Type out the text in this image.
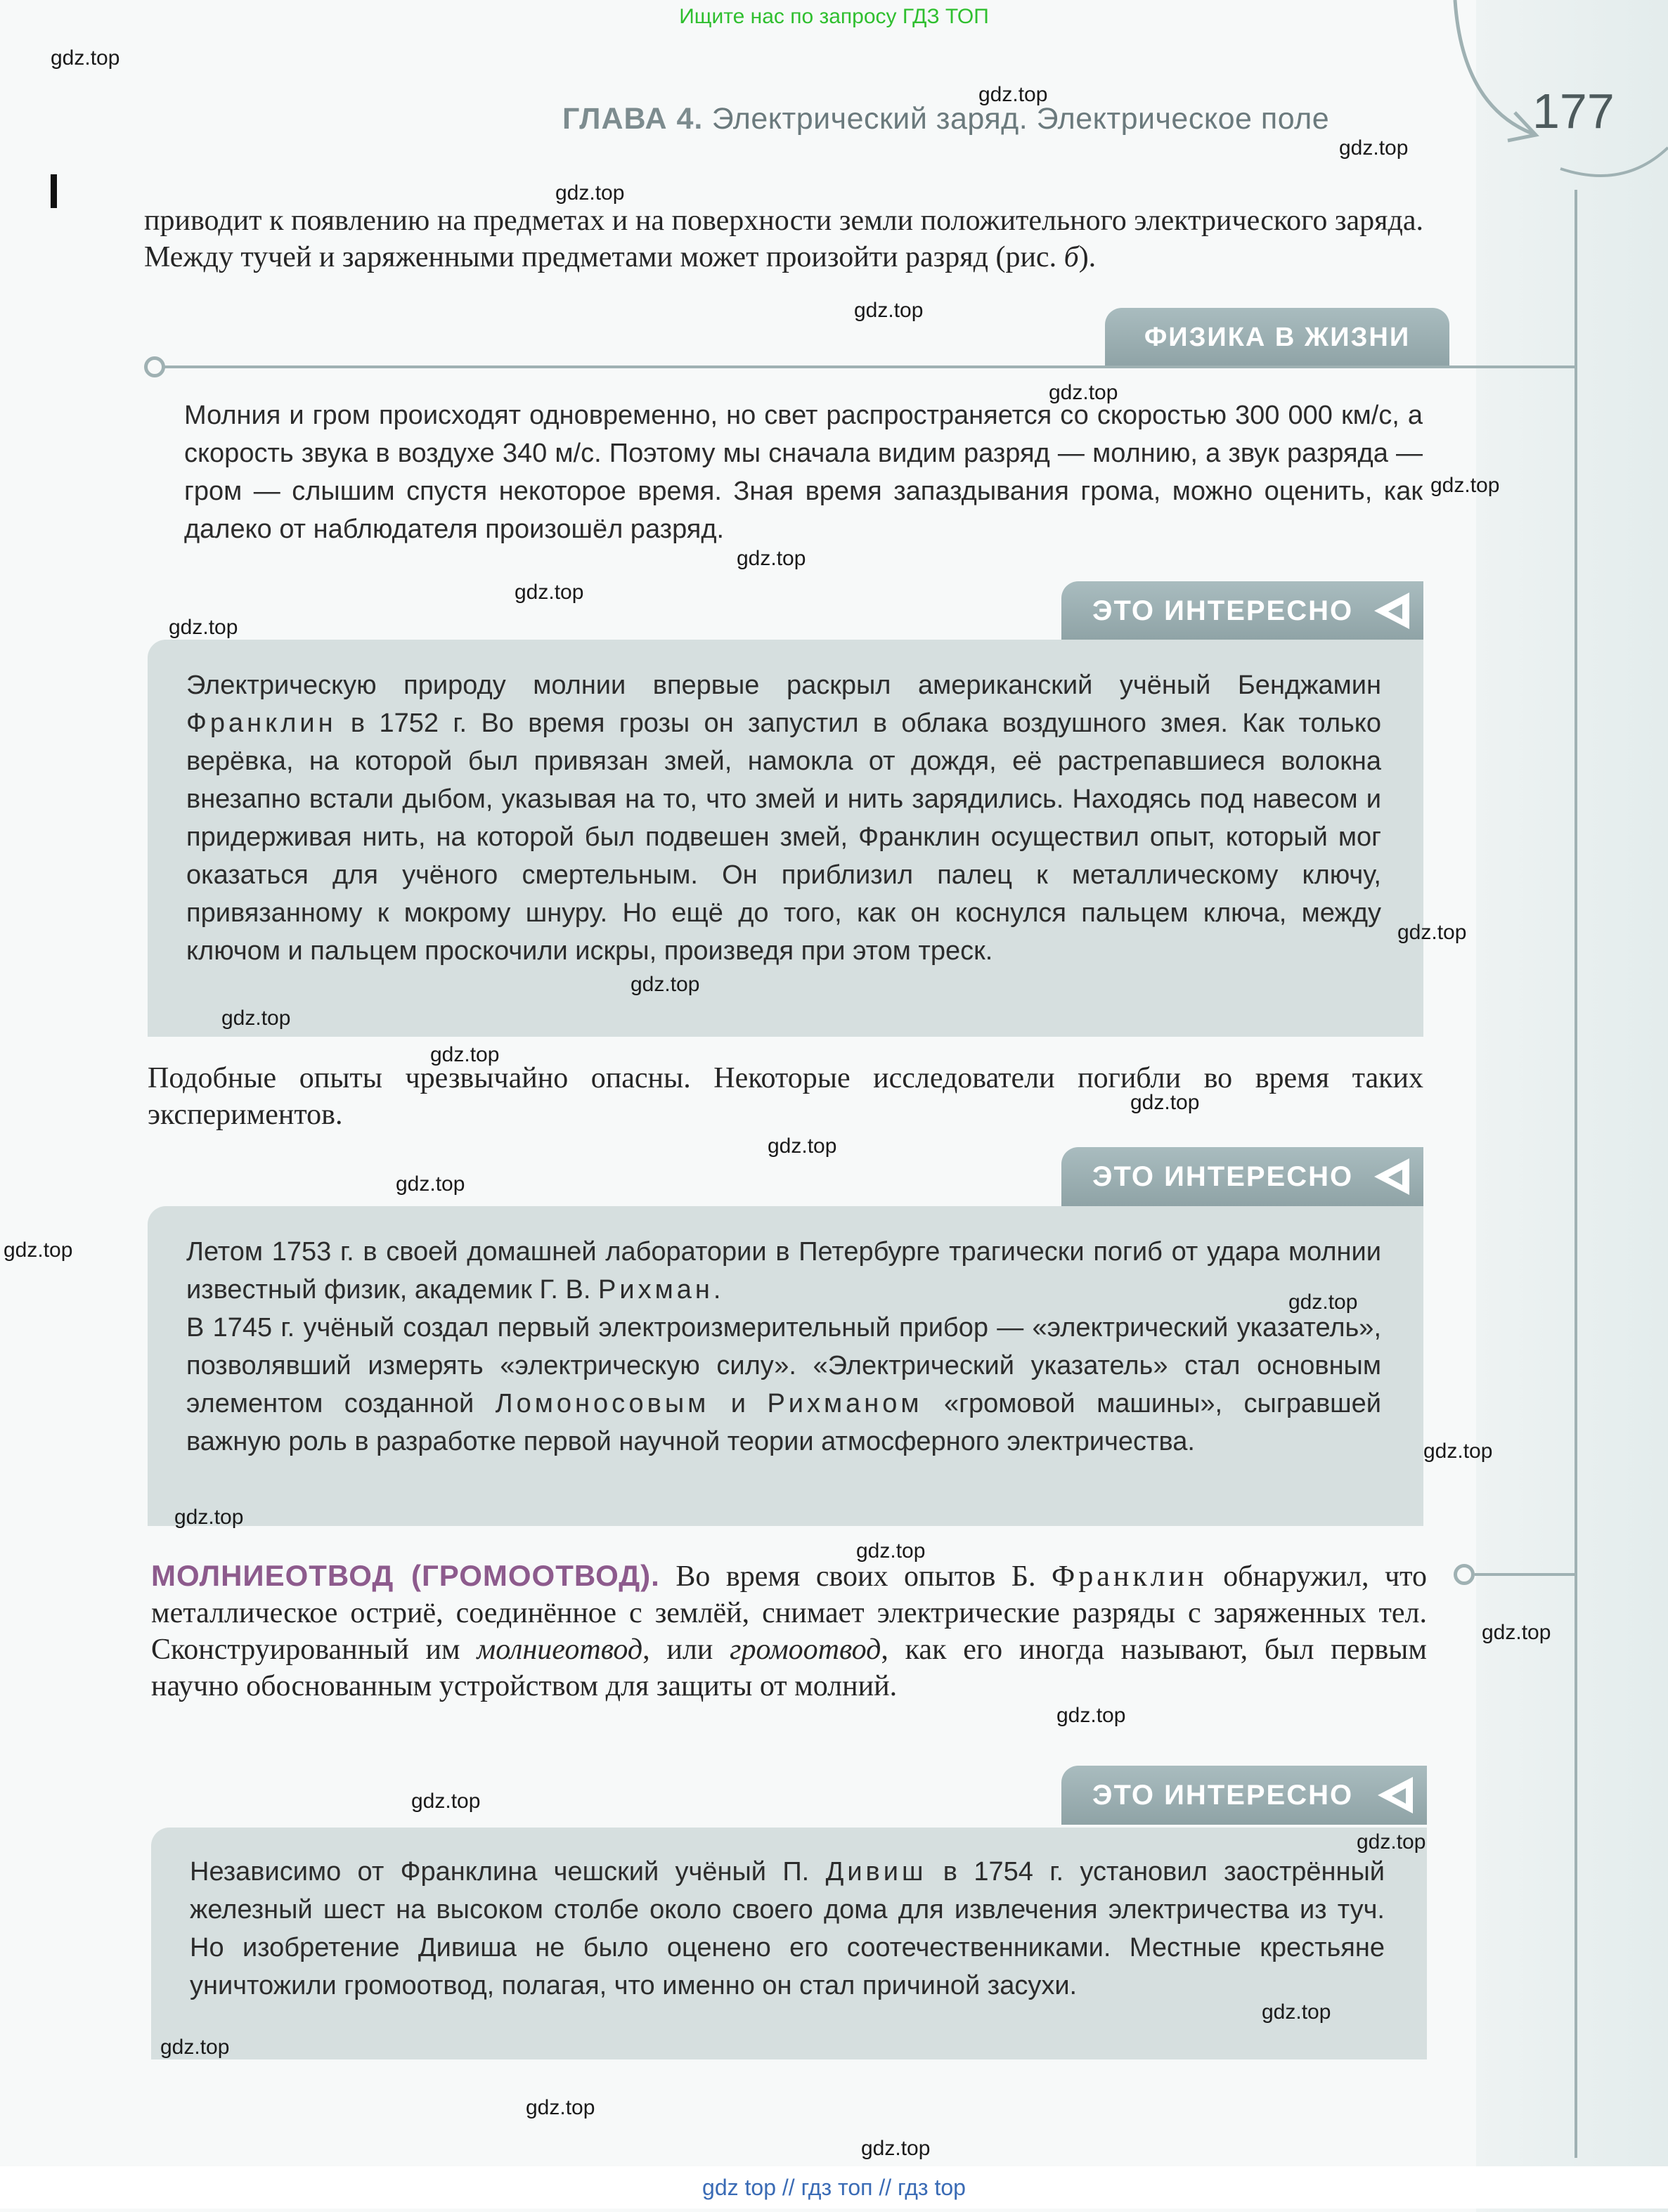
Ищите нас по запросу ГДЗ ТОП
ГЛАВА 4. Электрический заряд. Электрическое поле	177
приводит к появлению на предметах и на поверхности земли положительного электрического заряда. Между тучей и заряженными предметами может произойти разряд (рис. б).
ФИЗИКА В ЖИЗНИ
Молния и гром происходят одновременно, но свет распространяется со скоростью 300 000 км/с, а скорость звука в воздухе 340 м/с. Поэтому мы сначала видим разряд — молнию, а звук разряда — гром — слышим спустя некоторое время. Зная время запаздывания грома, можно оценить, как далеко от наблюдателя произошёл разряд.
ЭТО ИНТЕРЕСНО
Электрическую природу молнии впервые раскрыл американский учёный Бенджамин Франклин в 1752 г. Во время грозы он запустил в облака воздушного змея. Как только верёвка, на которой был привязан змей, намокла от дождя, её растрепавшиеся волокна внезапно встали дыбом, указывая на то, что змей и нить зарядились. Находясь под навесом и придерживая нить, на которой был подвешен змей, Франклин осуществил опыт, который мог оказаться для учёного смертельным. Он приблизил палец к металлическому ключу, привязанному к мокрому шнуру. Но ещё до того, как он коснулся пальцем ключа, между ключом и пальцем проскочили искры, произведя при этом треск.
Подобные опыты чрезвычайно опасны. Некоторые исследователи погибли во время таких экспериментов.
ЭТО ИНТЕРЕСНО
Летом 1753 г. в своей домашней лаборатории в Петербурге трагически погиб от удара молнии известный физик, академик Г. В. Рихман.
В 1745 г. учёный создал первый электроизмерительный прибор — «электрический указатель», позволявший измерять «электрическую силу». «Электрический указатель» стал основным элементом созданной Ломоносовым и Рихманом «громовой машины», сыгравшей важную роль в разработке первой научной теории атмосферного электричества.
МОЛНИЕОТВОД (ГРОМООТВОД). Во время своих опытов Б. Франклин обнаружил, что металлическое остриё, соединённое с землёй, снимает электрические разряды с заряженных тел. Сконструированный им молниеотвод, или громоотвод, как его иногда называют, был первым научно обоснованным устройством для защиты от молний.
ЭТО ИНТЕРЕСНО
Независимо от Франклина чешский учёный П. Дивиш в 1754 г. установил заострённый железный шест на высоком столбе около своего дома для извлечения электричества из туч. Но изобретение Дивиша не было оценено его соотечественниками. Местные крестьяне уничтожили громоотвод, полагая, что именно он стал причиной засухи.
gdz.top
gdz.top
gdz.top
gdz.top
gdz.top
gdz.top
gdz.top
gdz.top
gdz.top
gdz.top
gdz.top
gdz.top
gdz.top
gdz.top
gdz.top
gdz.top
gdz.top
gdz.top
gdz.top
gdz.top
gdz.top
gdz.top
gdz.top
gdz.top
gdz.top
gdz.top
gdz.top
gdz.top
gdz.top
gdz.top
gdz top // гдз топ // гдз top
